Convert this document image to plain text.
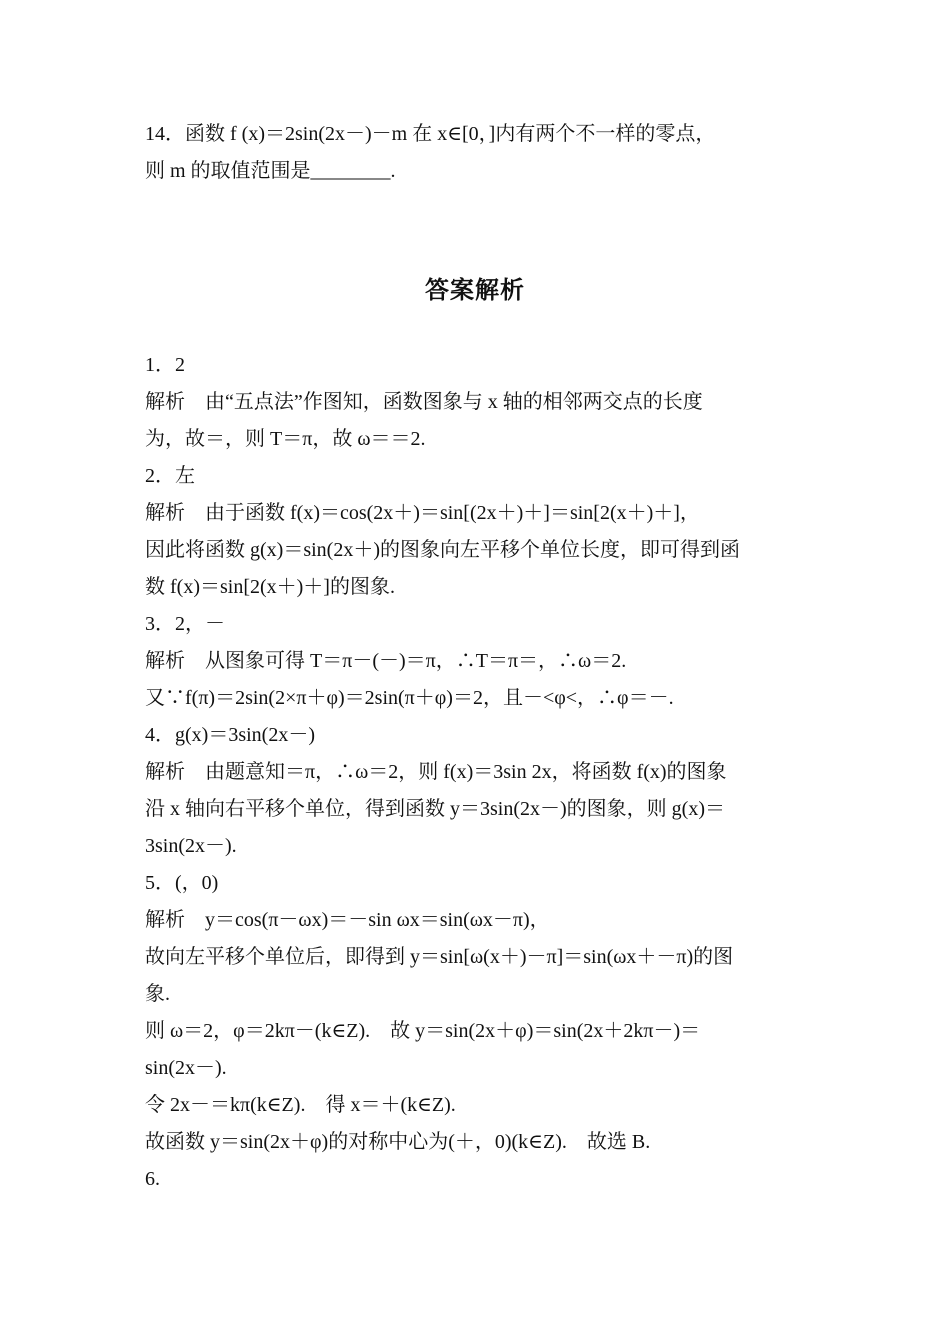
14．函数 f (x)＝2sin(2x－)－m 在 x∈[0，]内有两个不一样的零点，
则 m 的取值范围是________.
答案解析
1．2
解析　由“五点法”作图知，函数图象与 x 轴的相邻两交点的长度
为，故＝，则 T＝π，故 ω＝＝2.
2．左
解析　由于函数 f(x)＝cos(2x＋)＝sin[(2x＋)＋]＝sin[2(x＋)＋]，
因此将函数 g(x)＝sin(2x＋)的图象向左平移个单位长度，即可得到函
数 f(x)＝sin[2(x＋)＋]的图象.
3．2，－
解析　从图象可得 T＝π－(－)＝π，∴T＝π＝，∴ω＝2.
又∵f(π)＝2sin(2×π＋φ)＝2sin(π＋φ)＝2，且－<φ<，∴φ＝－.
4．g(x)＝3sin(2x－)
解析　由题意知＝π，∴ω＝2，则 f(x)＝3sin 2x，将函数 f(x)的图象
沿 x 轴向右平移个单位，得到函数 y＝3sin(2x－)的图象，则 g(x)＝
3sin(2x－).
5．(，0)
解析　y＝cos(π－ωx)＝－sin ωx＝sin(ωx－π)，
故向左平移个单位后，即得到 y＝sin[ω(x＋)－π]＝sin(ωx＋－π)的图
象.
则 ω＝2，φ＝2kπ－(k∈Z).　故 y＝sin(2x＋φ)＝sin(2x＋2kπ－)＝
sin(2x－).
令 2x－＝kπ(k∈Z).　得 x＝＋(k∈Z).
故函数 y＝sin(2x＋φ)的对称中心为(＋，0)(k∈Z).　故选 B.
6.
